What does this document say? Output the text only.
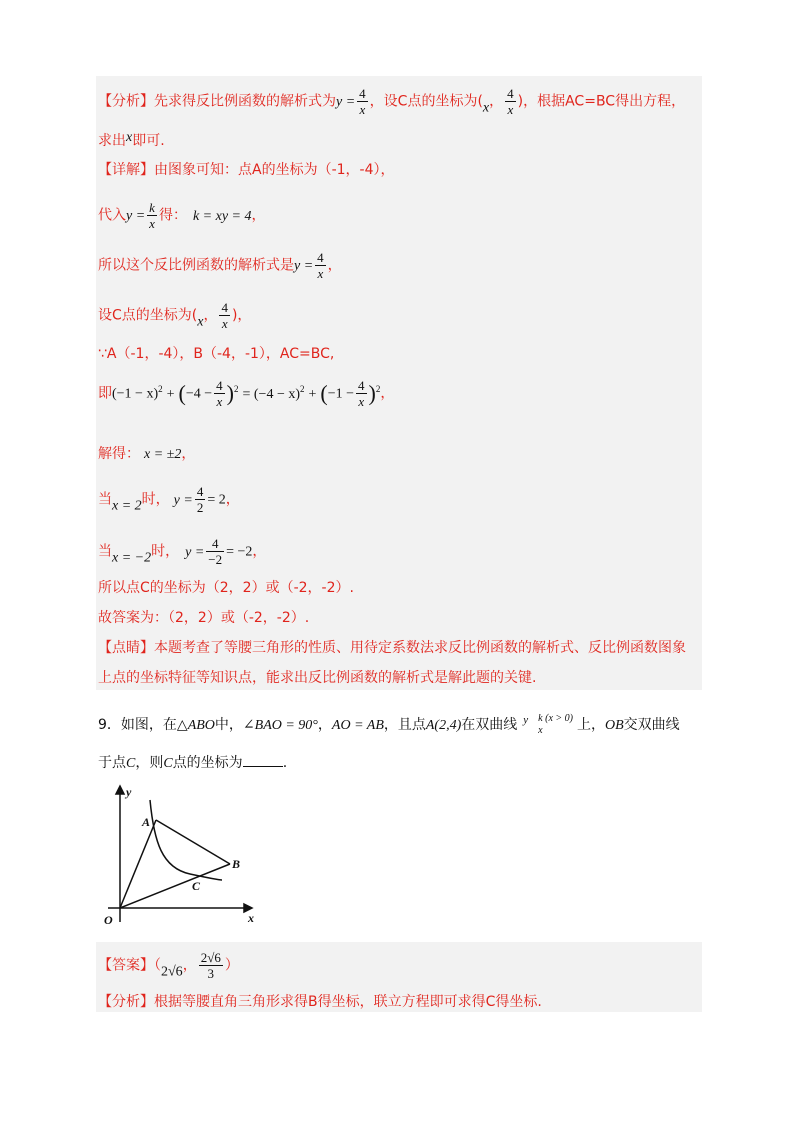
【分析】先求得反比例函数的解析式为$y = \frac{4}{x}$ ，设C点的坐标为(x， $\frac{4}{x}$ )，根据AC=BC得出方程，
求出x即可.
【详解】由图象可知：点A的坐标为（-1，-4），
代入$y = \frac{k}{x}$ 得： k = xy = 4，
所以这个反比例函数的解析式是$y = \frac{4}{x}$ ，
设C点的坐标为(x， $\frac{4}{x}$ )，
∵A（-1，-4），B（-4，-1），AC=BC,
即$(-1 - x)^2 + (-4 - \frac{4}{x} )^2 = (-4 - x)^2 + (-1 - \frac{4}{x} )^2$，
解得： x = ±2，
当x = 2时， $y = \frac{4}{2} = 2$，
当x = −2时， $y = \frac{4}{-2} = -2$，
所以点C的坐标为（2，2）或（-2，-2）.
故答案为：（2，2）或（-2，-2）.
【点睛】本题考查了等腰三角形的性质、用待定系数法求反比例函数的解析式、反比例函数图象
上点的坐标特征等知识点，能求出反比例函数的解析式是解此题的关键.
9．如图，在△ABO中，∠BAO = 90°，AO = AB，且点A(2,4)在双曲线 $^y$ k (x > 0)
x	上，OB交双曲线
于点C，则C点的坐标为	.
y
x
O
A
B
C
【答案】（2√6， $\frac{2√6}{3}$ ）
【分析】根据等腰直角三角形求得B得坐标，联立方程即可求得C得坐标.
